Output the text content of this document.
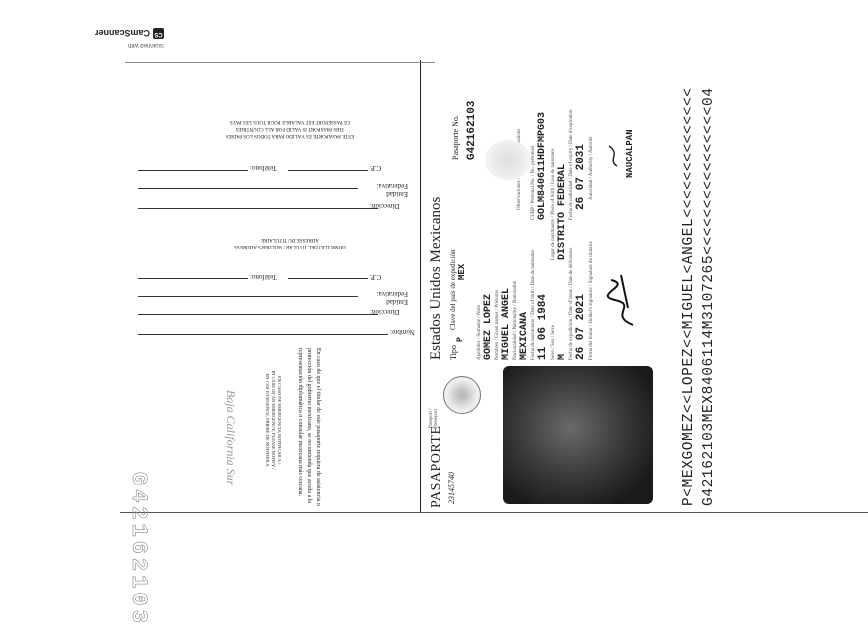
Scanned with
CS
CamScanner
G42162103
En caso de que el titular de este pasaporte requiera de asistencia o
protección del gobierno mexicano, se recomienda que acuda a la
representación diplomática o consular mexicana más cercana.
Baja California Sur	EN CASO DE EMERGENCIA NOTIFICAR A /
IN CASE OF AN EMERGENCY, PLEASE NOTIFY /
EN CAS D'URGENCE, PRIERE DE NOTIFIER A
Nombre:
Dirección:
Entidad Federativa:
Teléfono:	C.P.
DOMICILIO DEL TITULAR / HOLDER'S ADDRESS
ADRESSE DU TITULAIRE
Dirección:
Entidad Federativa:
Teléfono:	C.P.
ESTE PASAPORTE ES VÁLIDO PARA TODOS LOS PAÍSES
THIS PASSPORT IS VALID FOR ALL COUNTRIES
CE PASSEPORT EST VALABLE POUR TOUS LES PAYS
PASAPORTE
Passport / Passeport
23145740
Estados Unidos Mexicanos Tipo
P
Clave del país de expedición MEX
Pasaporte No. G42162103
Apellidos / Surname / Nom GOMEZ LOPEZ Nombres / Given names / Prénoms MIGUEL ANGEL Nacionalidad / Nationality / Nationalité MEXICANA Fecha de nacimiento / Date of birth / Date de naissance 11 06 1984
CURP / Personal No. / No. personnel GOLM840611HDFMPG03
Sexo / Sex / Sexe M
Lugar de nacimiento / Place of birth / Lieu de naissance DISTRITO FEDERAL
Fecha de expedición / Date of issue / Date de délivrance 26 07 2021
Fecha de caducidad / Date of expiry / Date d'expiration 26 07 2031
Firma del titular / Holder's signature / Signature du titulaire
Autoridad / Authority / Autorité	NAUCALPAN	P<MEXGOMEZ<<LOPEZ<<MIGUEL<ANGEL<<<<<<<<<<<<<< G42162103MEX8406114M3107265<<<<<<<<<<<<<<<<04
